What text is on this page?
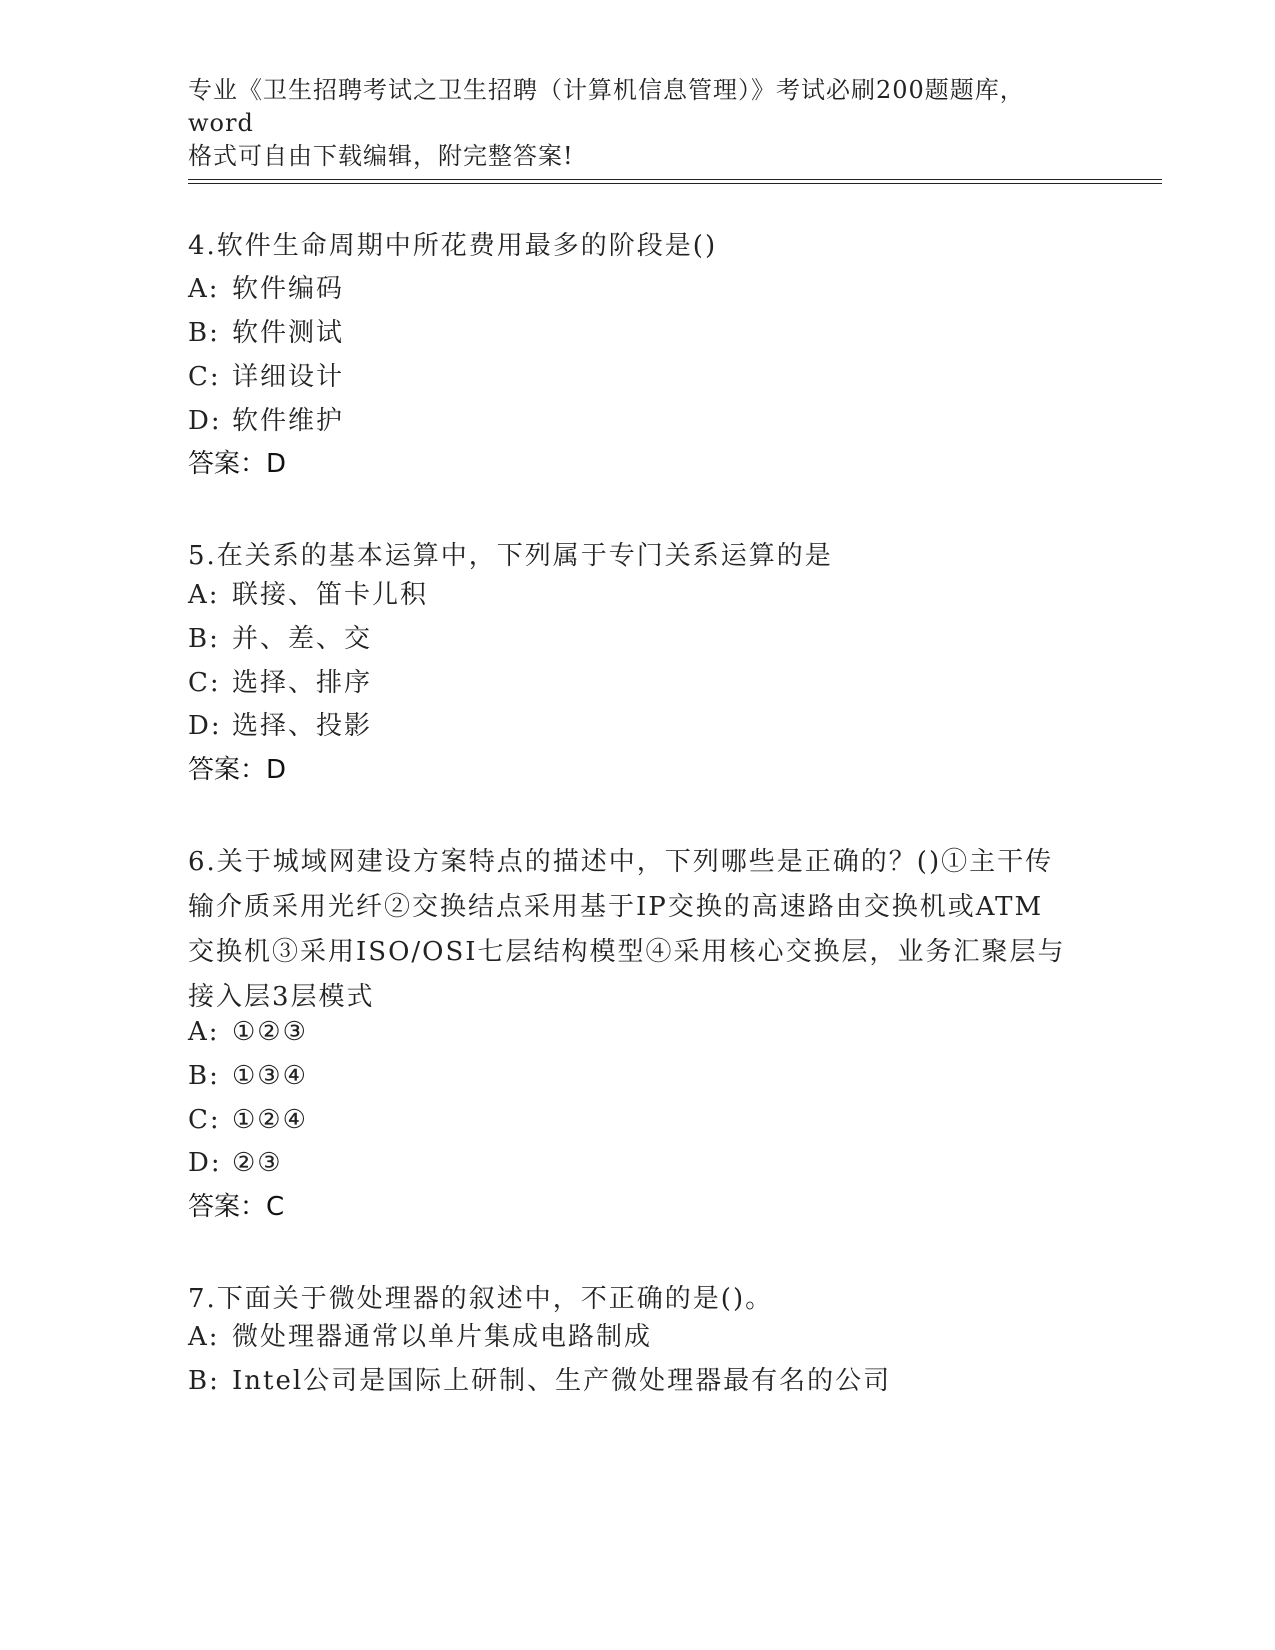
专业《卫生招聘考试之卫生招聘（计算机信息管理）》考试必刷200题题库，word
格式可自由下载编辑，附完整答案!
4.软件生命周期中所花费用最多的阶段是()
A: 软件编码
B: 软件测试
C: 详细设计
D: 软件维护
答案：D
5.在关系的基本运算中，下列属于专门关系运算的是
A: 联接、笛卡儿积
B: 并、差、交
C: 选择、排序
D: 选择、投影
答案：D
6.关于城域网建设方案特点的描述中，下列哪些是正确的？()①主干传输介质采用光纤②交换结点采用基于IP交换的高速路由交换机或ATM交换机③采用ISO/OSI七层结构模型④采用核心交换层，业务汇聚层与接入层3层模式
A: ①②③
B: ①③④
C: ①②④
D: ②③
答案：C
7.下面关于微处理器的叙述中，不正确的是()。
A: 微处理器通常以单片集成电路制成
B: Intel公司是国际上研制、生产微处理器最有名的公司
